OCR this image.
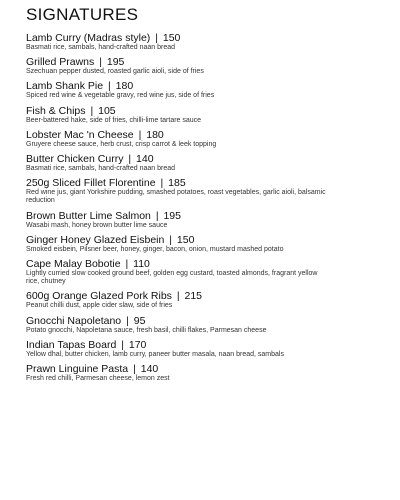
SIGNATURES
Lamb Curry (Madras style) | 150
Basmati rice, sambals, hand-crafted naan bread
Grilled Prawns | 195
Szechuan pepper dusted, roasted garlic aioli, side of fries
Lamb Shank Pie | 180
Spiced red wine & vegetable gravy, red wine jus, side of fries
Fish & Chips | 105
Beer-battered hake, side of fries, chilli-lime tartare sauce
Lobster Mac 'n Cheese | 180
Gruyere cheese sauce, herb crust, crisp carrot & leek topping
Butter Chicken Curry | 140
Basmati rice, sambals, hand-crafted naan bread
250g Sliced Fillet Florentine | 185
Red wine jus, giant Yorkshire pudding, smashed potatoes, roast vegetables, garlic aioli, balsamic reduction
Brown Butter Lime Salmon | 195
Wasabi mash, honey brown butter lime sauce
Ginger Honey Glazed Eisbein | 150
Smoked eisbein, Pilsner beer, honey, ginger, bacon, onion, mustard mashed potato
Cape Malay Bobotie | 110
Lightly curried slow cooked ground beef, golden egg custard, toasted almonds, fragrant yellow rice, chutney
600g Orange Glazed Pork Ribs | 215
Peanut chilli dust, apple cider slaw, side of fries
Gnocchi Napoletano | 95
Potato gnocchi, Napoletana sauce, fresh basil, chilli flakes, Parmesan cheese
Indian Tapas Board | 170
Yellow dhal, butter chicken, lamb curry, paneer butter masala, naan bread, sambals
Prawn Linguine Pasta | 140
Fresh red chilli, Parmesan cheese, lemon zest
